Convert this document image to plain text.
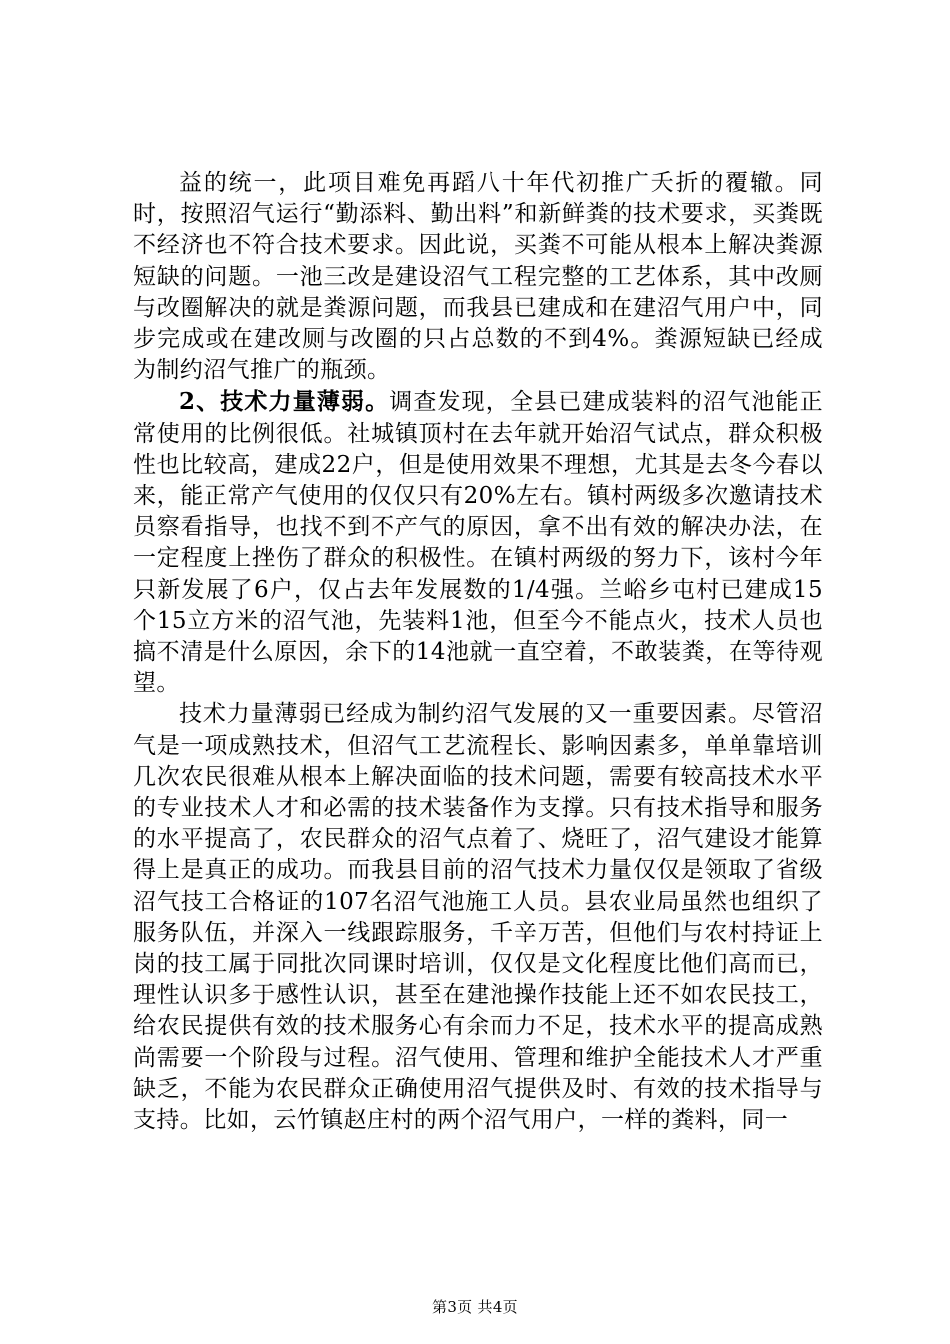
益的统一，此项目难免再蹈八十年代初推广夭折的覆辙。同时，按照沼气运行“勤添料、勤出料”和新鲜粪的技术要求，买粪既不经济也不符合技术要求。因此说，买粪不可能从根本上解决粪源短缺的问题。一池三改是建设沼气工程完整的工艺体系，其中改厕与改圈解决的就是粪源问题，而我县已建成和在建沼气用户中，同步完成或在建改厕与改圈的只占总数的不到4%。粪源短缺已经成为制约沼气推广的瓶颈。

2、技术力量薄弱。调查发现，全县已建成装料的沼气池能正常使用的比例很低。社城镇顶村在去年就开始沼气试点，群众积极性也比较高，建成22户，但是使用效果不理想，尤其是去冬今春以来，能正常产气使用的仅仅只有20%左右。镇村两级多次邀请技术员察看指导，也找不到不产气的原因，拿不出有效的解决办法，在一定程度上挫伤了群众的积极性。在镇村两级的努力下，该村今年只新发展了6户，仅占去年发展数的1/4强。兰峪乡屯村已建成15个15立方米的沼气池，先装料1池，但至今不能点火，技术人员也搞不清是什么原因，余下的14池就一直空着，不敢装粪，在等待观望。

技术力量薄弱已经成为制约沼气发展的又一重要因素。尽管沼气是一项成熟技术，但沼气工艺流程长、影响因素多，单单靠培训几次农民很难从根本上解决面临的技术问题，需要有较高技术水平的专业技术人才和必需的技术装备作为支撑。只有技术指导和服务的水平提高了，农民群众的沼气点着了、烧旺了，沼气建设才能算得上是真正的成功。而我县目前的沼气技术力量仅仅是领取了省级沼气技工合格证的107名沼气池施工人员。县农业局虽然也组织了服务队伍，并深入一线跟踪服务，千辛万苦，但他们与农村持证上岗的技工属于同批次同课时培训，仅仅是文化程度比他们高而已，理性认识多于感性认识，甚至在建池操作技能上还不如农民技工，给农民提供有效的技术服务心有余而力不足，技术水平的提高成熟尚需要一个阶段与过程。沼气使用、管理和维护全能技术人才严重缺乏，不能为农民群众正确使用沼气提供及时、有效的技术指导与支持。比如，云竹镇赵庄村的两个沼气用户，一样的粪料，同一

第3页 共4页
